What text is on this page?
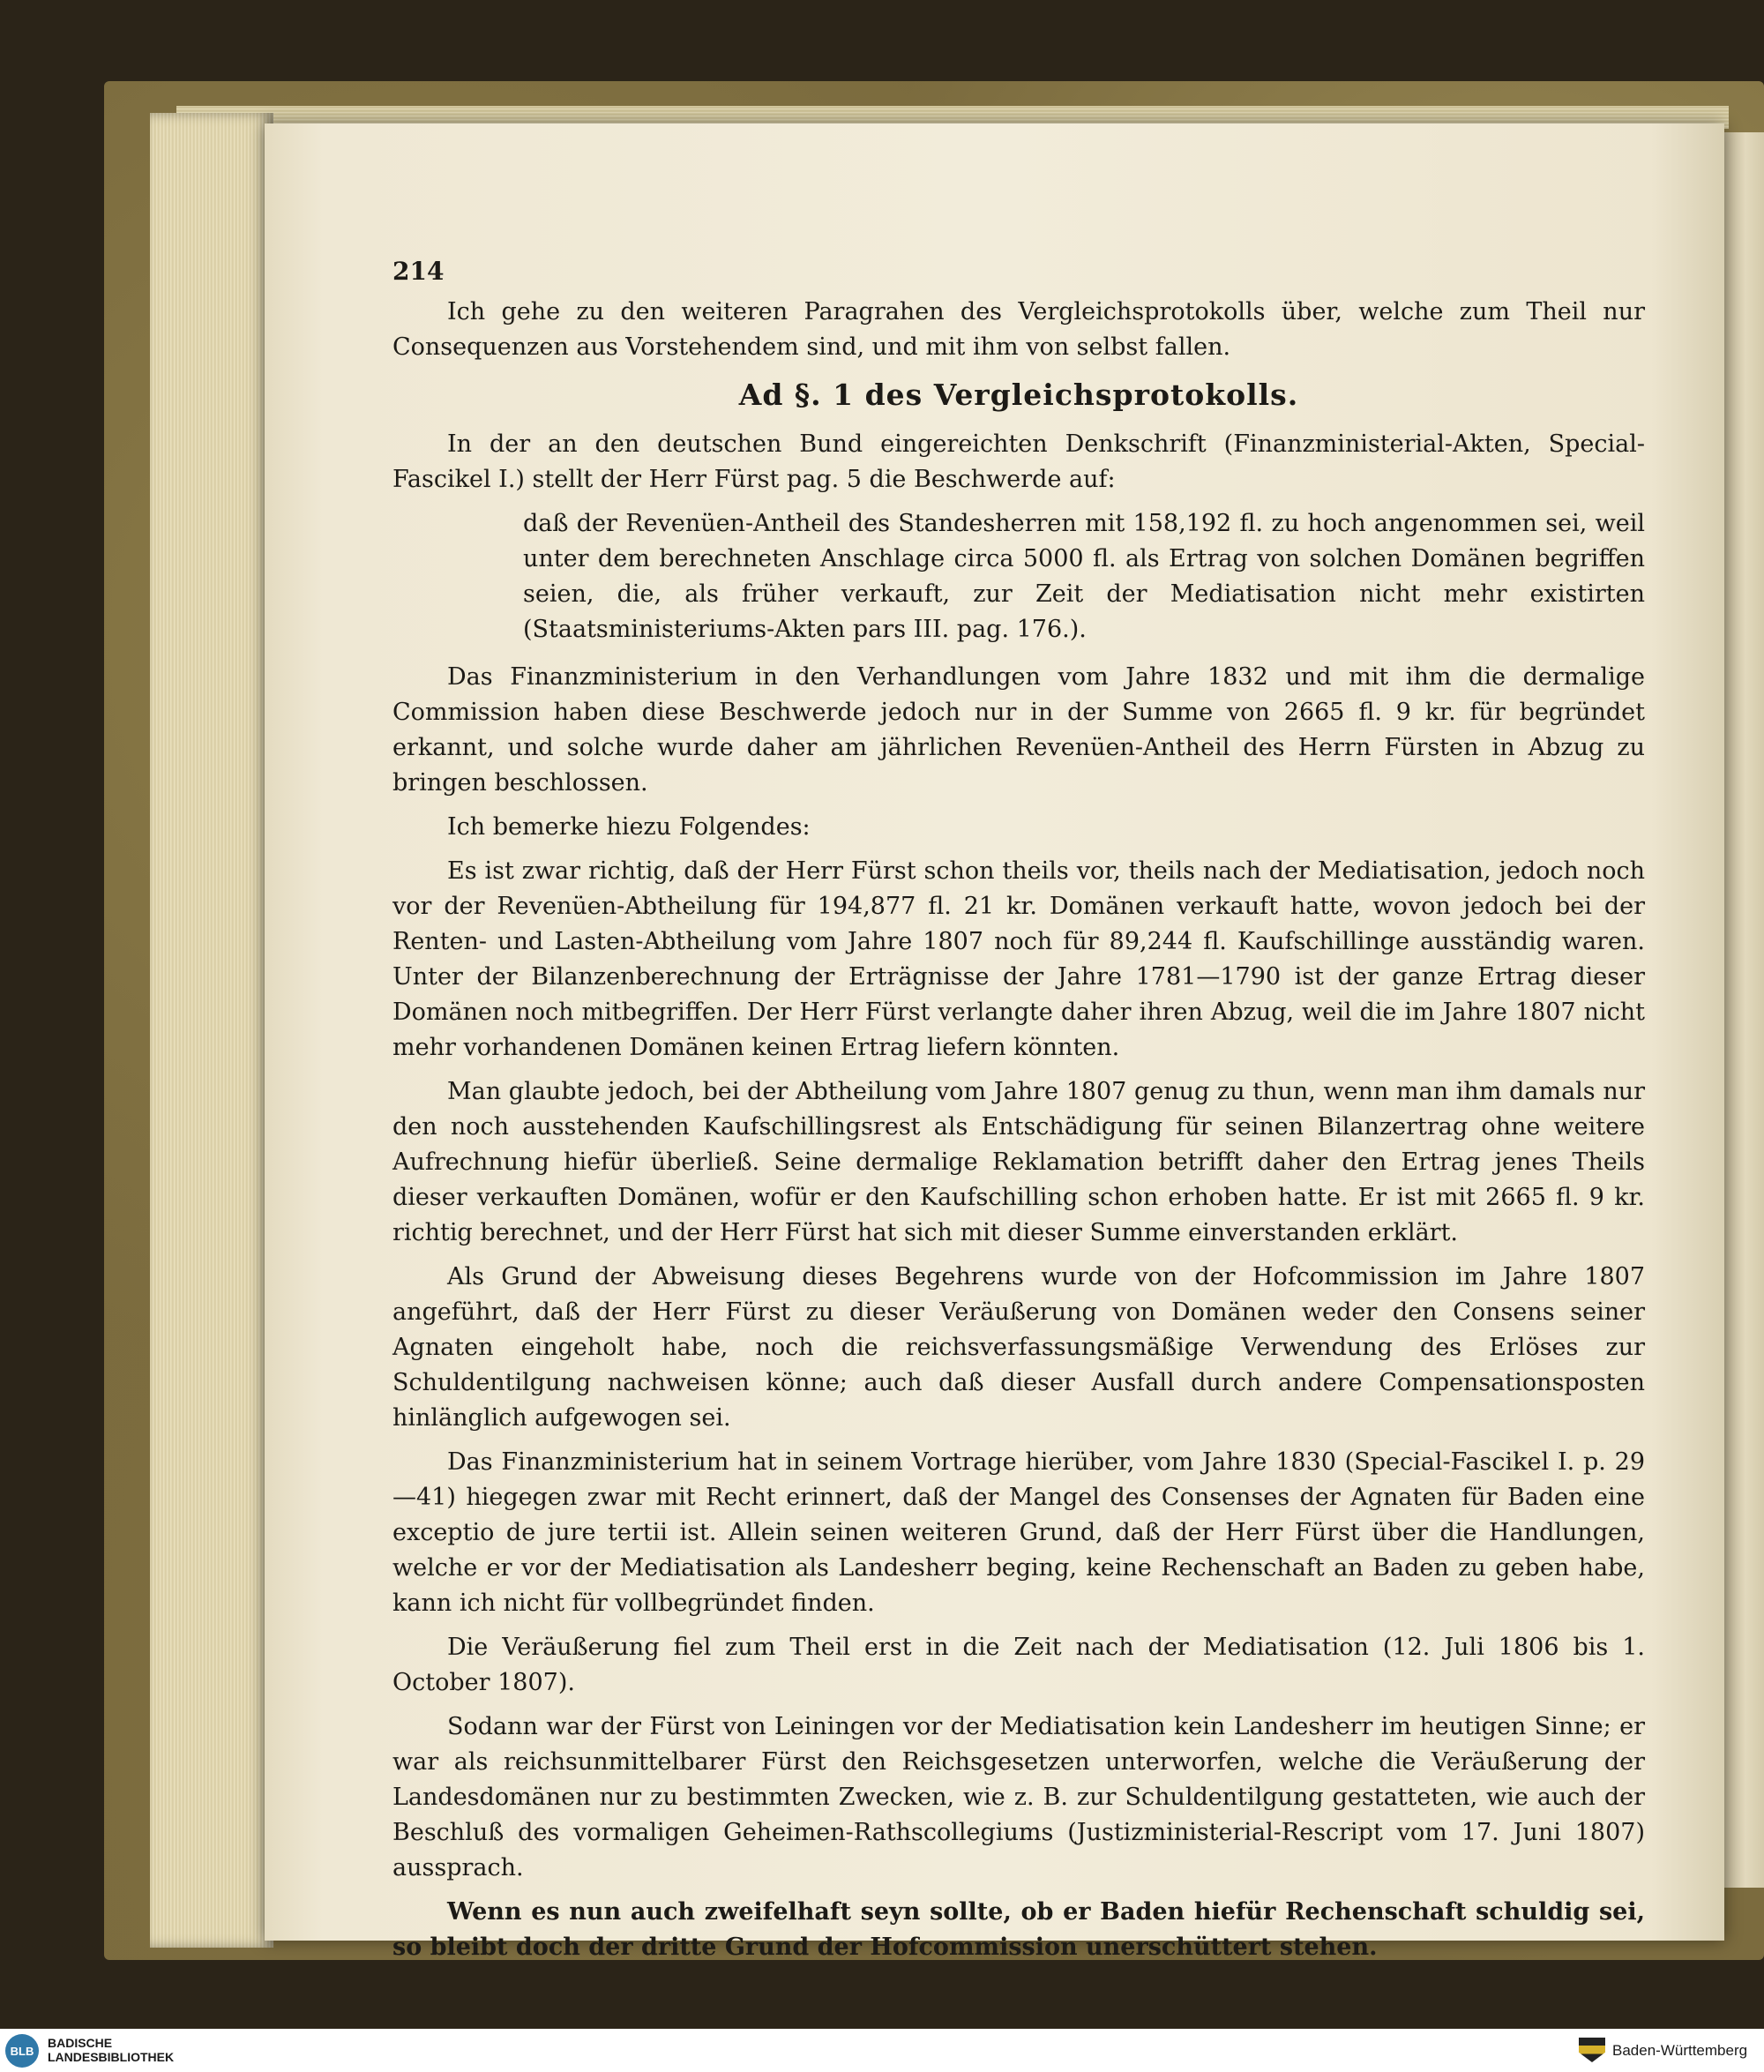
214

Ich gehe zu den weiteren Paragrahen des Vergleichsprotokolls über, welche zum Theil nur Consequenzen aus Vorstehendem sind, und mit ihm von selbst fallen.

Ad §. 1 des Vergleichsprotokolls.

In der an den deutschen Bund eingereichten Denkschrift (Finanzministerial-Akten, Special-Fascikel I.) stellt der Herr Fürst pag. 5 die Beschwerde auf:

daß der Revenüen-Antheil des Standesherren mit 158,192 fl. zu hoch angenommen sei, weil unter dem berechneten Anschlage circa 5000 fl. als Ertrag von solchen Domänen begriffen seien, die, als früher verkauft, zur Zeit der Mediatisation nicht mehr existirten (Staatsministeriums-Akten pars III. pag. 176.).

Das Finanzministerium in den Verhandlungen vom Jahre 1832 und mit ihm die dermalige Commission haben diese Beschwerde jedoch nur in der Summe von 2665 fl. 9 kr. für begründet erkannt, und solche wurde daher am jährlichen Revenüen-Antheil des Herrn Fürsten in Abzug zu bringen beschlossen.

Ich bemerke hiezu Folgendes:

Es ist zwar richtig, daß der Herr Fürst schon theils vor, theils nach der Mediatisation, jedoch noch vor der Revenüen-Abtheilung für 194,877 fl. 21 kr. Domänen verkauft hatte, wovon jedoch bei der Renten- und Lasten-Abtheilung vom Jahre 1807 noch für 89,244 fl. Kaufschillinge ausständig waren. Unter der Bilanzenberechnung der Erträgnisse der Jahre 1781—1790 ist der ganze Ertrag dieser Domänen noch mitbegriffen. Der Herr Fürst verlangte daher ihren Abzug, weil die im Jahre 1807 nicht mehr vorhandenen Domänen keinen Ertrag liefern könnten.

Man glaubte jedoch, bei der Abtheilung vom Jahre 1807 genug zu thun, wenn man ihm damals nur den noch ausstehenden Kaufschillingsrest als Entschädigung für seinen Bilanzertrag ohne weitere Aufrechnung hiefür überließ. Seine dermalige Reklamation betrifft daher den Ertrag jenes Theils dieser verkauften Domänen, wofür er den Kaufschilling schon erhoben hatte. Er ist mit 2665 fl. 9 kr. richtig berechnet, und der Herr Fürst hat sich mit dieser Summe einverstanden erklärt.

Als Grund der Abweisung dieses Begehrens wurde von der Hofcommission im Jahre 1807 angeführt, daß der Herr Fürst zu dieser Veräußerung von Domänen weder den Consens seiner Agnaten eingeholt habe, noch die reichsverfassungsmäßige Verwendung des Erlöses zur Schuldentilgung nachweisen könne; auch daß dieser Ausfall durch andere Compensationsposten hinlänglich aufgewogen sei.

Das Finanzministerium hat in seinem Vortrage hierüber, vom Jahre 1830 (Special-Fascikel I. p. 29—41) hiegegen zwar mit Recht erinnert, daß der Mangel des Consenses der Agnaten für Baden eine exceptio de jure tertii ist. Allein seinen weiteren Grund, daß der Herr Fürst über die Handlungen, welche er vor der Mediatisation als Landesherr beging, keine Rechenschaft an Baden zu geben habe, kann ich nicht für vollbegründet finden.

Die Veräußerung fiel zum Theil erst in die Zeit nach der Mediatisation (12. Juli 1806 bis 1. October 1807).

Sodann war der Fürst von Leiningen vor der Mediatisation kein Landesherr im heutigen Sinne; er war als reichsunmittelbarer Fürst den Reichsgesetzen unterworfen, welche die Veräußerung der Landesdomänen nur zu bestimmten Zwecken, wie z. B. zur Schuldentilgung gestatteten, wie auch der Beschluß des vormaligen Geheimen-Rathscollegiums (Justizministerial-Rescript vom 17. Juni 1807) aussprach.

Wenn es nun auch zweifelhaft seyn sollte, ob er Baden hiefür Rechenschaft schuldig sei, so bleibt doch der dritte Grund der Hofcommission unerschüttert stehen.

BLB
BADISCHE
LANDESBIBLIOTHEK	Baden-Württemberg
